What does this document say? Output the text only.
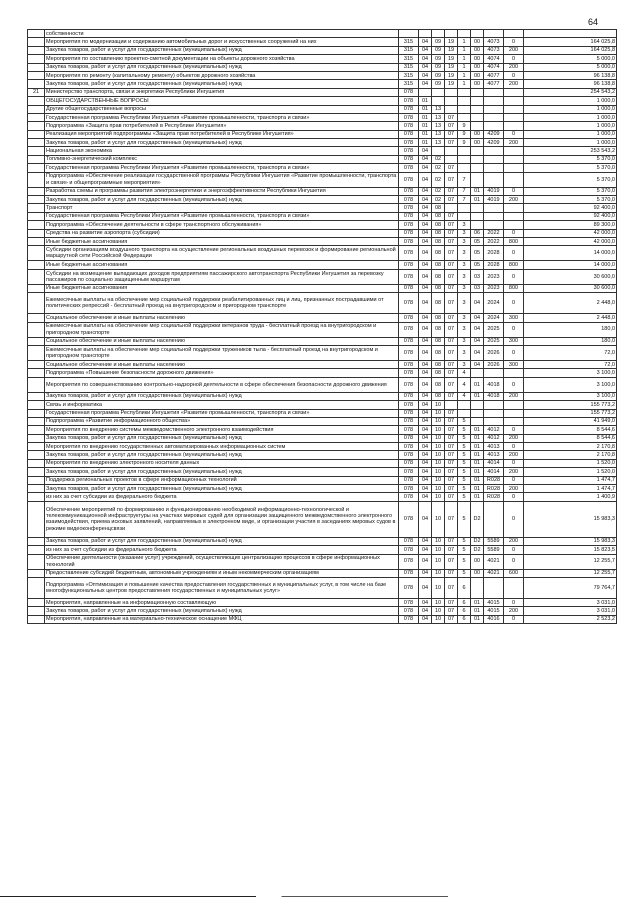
64
	собственности									
	Мероприятия по модернизации и содержанию автомобильных дорог и искусственных сооружений на них	315	04	09	19	1	00	4073	0	164 025,8
	Закупка товаров, работ и услуг для государственных (муниципальных) нужд	315	04	09	19	1	00	4073	200	164 025,8
	Мероприятия по составлению проектно-сметной документации на объекты дорожного хозяйства	315	04	09	19	1	00	4074	0	5 000,0
	Закупка товаров, работ и услуг для государственных (муниципальных) нужд	315	04	09	19	1	00	4074	200	5 000,0
	Мероприятия по ремонту (капитальному ремонту) объектов дорожного хозяйства	315	04	09	19	1	00	4077	0	96 138,8
	Закупка товаров, работ и услуг для государственных (муниципальных) нужд	315	04	09	19	1	00	4077	200	96 138,8
21	Министерство транспорта, связи и энергетики Республики Ингушетия	078								254 543,2
	ОБЩЕГОСУДАРСТВЕННЫЕ ВОПРОСЫ	078	01							1 000,0
	Другие общегосударственные вопросы	078	01	13						1 000,0
	Государственная программа Республики Ингушетия «Развитие промышленности, транспорта и связи»	078	01	13	07					1 000,0
	Подпрограмма «Защита прав потребителей в Республике Ингушетия»	078	01	13	07	9				1 000,0
	Реализация мероприятий подпрограммы «Защита прав потребителей в Республике Ингушетия»	078	01	13	07	9	00	4209	0	1 000,0
	Закупка товаров, работ и услуг для государственных (муниципальных) нужд	078	01	13	07	9	00	4209	200	1 000,0
	Национальная экономика	078	04							253 543,2
	Топливно-энергетический комплекс	078	04	02						5 370,0
	Государственная программа Республики Ингушетия «Развитие промышленности, транспорта и связи»	078	04	02	07					5 370,0
	Подпрограмма «Обеспечение реализации государственной программы Республики Ингушетия «Развитие промышленности, транспорта и связи» и общепрограммные мероприятия»	078	04	02	07	7				5 370,0
	Разработка схемы и программы развития электроэнергетики и энергоэффективности Республики Ингушетия	078	04	02	07	7	01	4019	0	5 370,0
	Закупка товаров, работ и услуг для государственных (муниципальных) нужд	078	04	02	07	7	01	4019	200	5 370,0
	Транспорт	078	04	08						92 400,0
	Государственная программа Республики Ингушетия «Развитие промышленности, транспорта и связи»	078	04	08	07					92 400,0
	Подпрограмма «Обеспечение деятельности в сфере транспортного обслуживания»	078	04	08	07	3				89 300,0
	Средства на развитие аэропорта (субсидии)	078	04	08	07	3	06	2022	0	42 000,0
	Иные бюджетные ассигнования	078	04	08	07	3	05	2022	800	42 000,0
	Субсидии организациям воздушного транспорта на осуществление региональных воздушных перевозок и формирование региональной маршрутной сети Российской Федерации	078	04	08	07	3	05	2028	0	14 000,0
	Иные бюджетные ассигнования	078	04	08	07	3	05	2028	800	14 000,0
	Субсидии на возмещение выпадающих доходов предприятиям пассажирского автотранспорта Республики Ингушетия за перевозку пассажиров по социально защищенным маршрутам	078	04	08	07	3	03	2023	0	30 600,0
	Иные бюджетные ассигнования	078	04	08	07	3	03	2023	800	30 600,0
	Ежемесячные выплаты на обеспечение мер социальной поддержки реабилитированных лиц и лиц, признанных пострадавшими от политических репрессий - бесплатный проезд на внутригородском и пригородном транспорте	078	04	08	07	3	04	2024	0	2 448,0
	Социальное обеспечение и иные выплаты населению	078	04	08	07	3	04	2024	300	2 448,0
	Ежемесячные выплаты на обеспечение мер социальной поддержки ветеранов труда - бесплатный проезд на внутригородском и пригородном транспорте	078	04	08	07	3	04	2025	0	180,0
	Социальное обеспечение и иные выплаты населению	078	04	08	07	3	04	2025	300	180,0
	Ежемесячные выплаты на обеспечение мер социальной поддержки тружеников тыла - бесплатный проезд на внутригородском и пригородном транспорте	078	04	08	07	3	04	2026	0	72,0
	Социальное обеспечение и иные выплаты населению	078	04	08	07	3	04	2026	300	72,0
	Подпрограмма «Повышение безопасности дорожного движения»	078	04	08	07	4				3 100,0
	Мероприятия по совершенствованию контрольно-надзорной деятельности в сфере обеспечения безопасности дорожного движения	078	04	08	07	4	01	4018	0	3 100,0
	Закупка товаров, работ и услуг для государственных (муниципальных) нужд	078	04	08	07	4	01	4018	200	3 100,0
	Связь и информатика	078	04	10						155 773,2
	Государственная программа Республики Ингушетия «Развитие промышленности, транспорта и связи»	078	04	10	07					155 773,2
	Подпрограмма «Развитие информационного общества»	078	04	10	07	5				41 949,0
	Мероприятия по внедрению системы межведомственного электронного взаимодействия	078	04	10	07	5	01	4012	0	8 544,6
	Закупка товаров, работ и услуг для государственных (муниципальных) нужд	078	04	10	07	5	01	4012	200	8 544,6
	Мероприятия по внедрению государственных автоматизированных информационных систем	078	04	10	07	5	01	4013	0	2 170,8
	Закупка товаров, работ и услуг для государственных (муниципальных) нужд	078	04	10	07	5	01	4013	200	2 170,8
	Мероприятия по внедрению электронного носителя данных	078	04	10	07	5	01	4014	0	1 520,0
	Закупка товаров, работ и услуг для государственных (муниципальных) нужд	078	04	10	07	5	01	4014	200	1 520,0
	Поддержка региональных проектов в сфере информационных технологий	078	04	10	07	5	01	R028	0	1 474,7
	Закупка товаров, работ и услуг для государственных (муниципальных) нужд	078	04	10	07	5	01	R028	200	1 474,7
	из них за счет субсидии из федерального бюджета	078	04	10	07	5	01	R028	0	1 400,9
	Обеспечение мероприятий по формированию и функционированию необходимой информационно-технологической и телекоммуникационной инфраструктуры на участках мировых судей для организации защищенного межведомственного электронного взаимодействия, приема исковых заявлений, направляемых в электронном виде, и организации участия в заседаниях мировых судов в режиме видеоконференцсвязи	078	04	10	07	5	D2		0	15 983,3
	Закупка товаров, работ и услуг для государственных (муниципальных) нужд	078	04	10	07	5	D2	5589	200	15 983,3
	из них за счет субсидии из федерального бюджета	078	04	10	07	5	D2	5589	0	15 823,5
	Обеспечение деятельности (оказание услуг) учреждений, осуществляющих централизацию процессов в сфере информационных технологий	078	04	10	07	5	00	4021	0	12 255,7
	Предоставление субсидий бюджетным, автономным учреждениям и иным некоммерческим организациям	078	04	10	07	5	00	4021	600	12 255,7
	Подпрограмма «Оптимизация и повышение качества предоставления государственных и муниципальных услуг, в том числе на базе многофункциональных центров предоставления государственных и муниципальных услуг»	078	04	10	07	6				79 764,7
	Мероприятия, направленные на информационную составляющую	078	04	10	07	6	01	4015	0	3 031,0
	Закупка товаров, работ и услуг для государственных (муниципальных) нужд	078	04	10	07	6	01	4015	200	3 031,0
	Мероприятия, направленные на материально-техническое оснащение МФЦ	078	04	10	07	6	01	4016	0	2 523,2
